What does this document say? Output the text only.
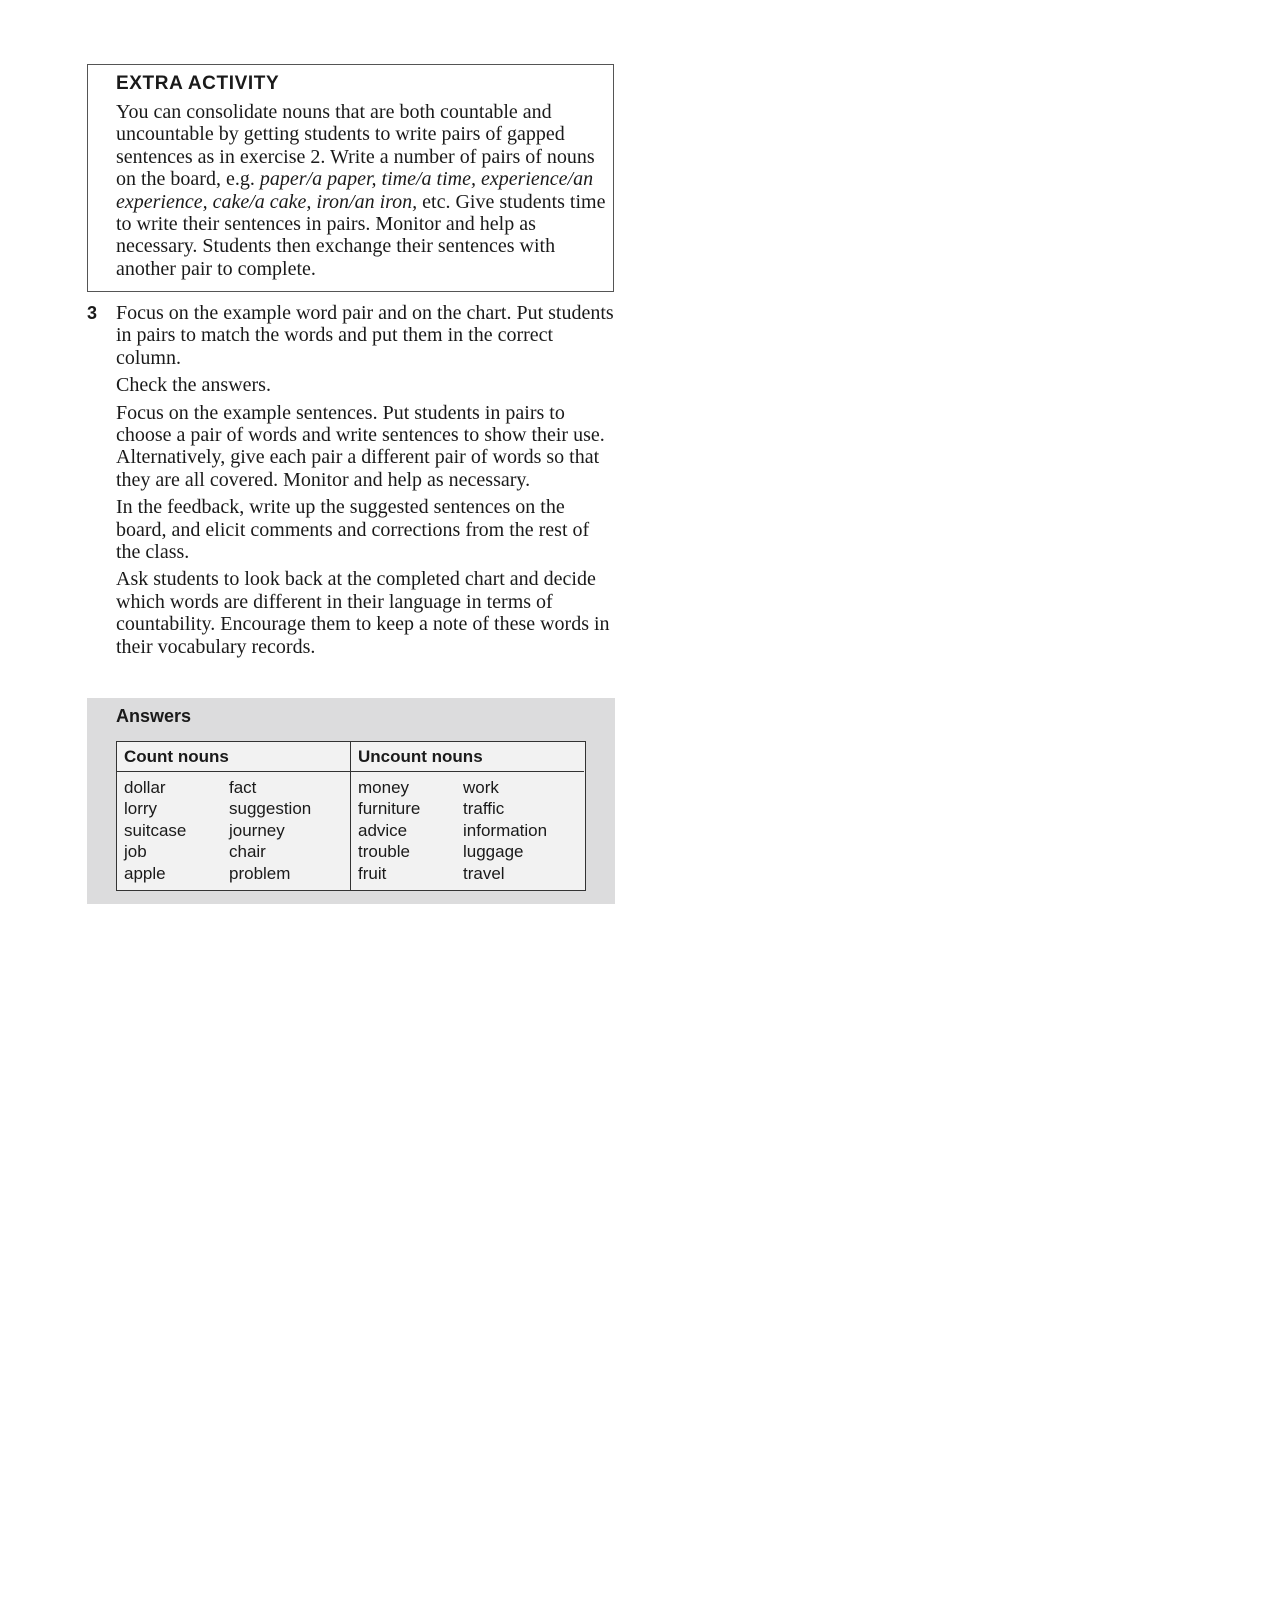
EXTRA ACTIVITY

You can consolidate nouns that are both countable and uncountable by getting students to write pairs of gapped sentences as in exercise 2. Write a number of pairs of nouns on the board, e.g. paper/a paper, time/a time, experience/an experience, cake/a cake, iron/an iron, etc. Give students time to write their sentences in pairs. Monitor and help as necessary. Students then exchange their sentences with another pair to complete.

3 Focus on the example word pair and on the chart. Put students in pairs to match the words and put them in the correct column.

Check the answers.

Focus on the example sentences. Put students in pairs to choose a pair of words and write sentences to show their use. Alternatively, give each pair a different pair of words so that they are all covered. Monitor and help as necessary.

In the feedback, write up the suggested sentences on the board, and elicit comments and corrections from the rest of the class.

Ask students to look back at the completed chart and decide which words are different in their language in terms of countability. Encourage them to keep a note of these words in their vocabulary records.

Answers
Count nouns
dollar
lorry
suitcase
job
apple
fact
suggestion
journey
chair
problem
Uncount nouns
money
furniture
advice
trouble
fruit
work
traffic
information
luggage
travel
